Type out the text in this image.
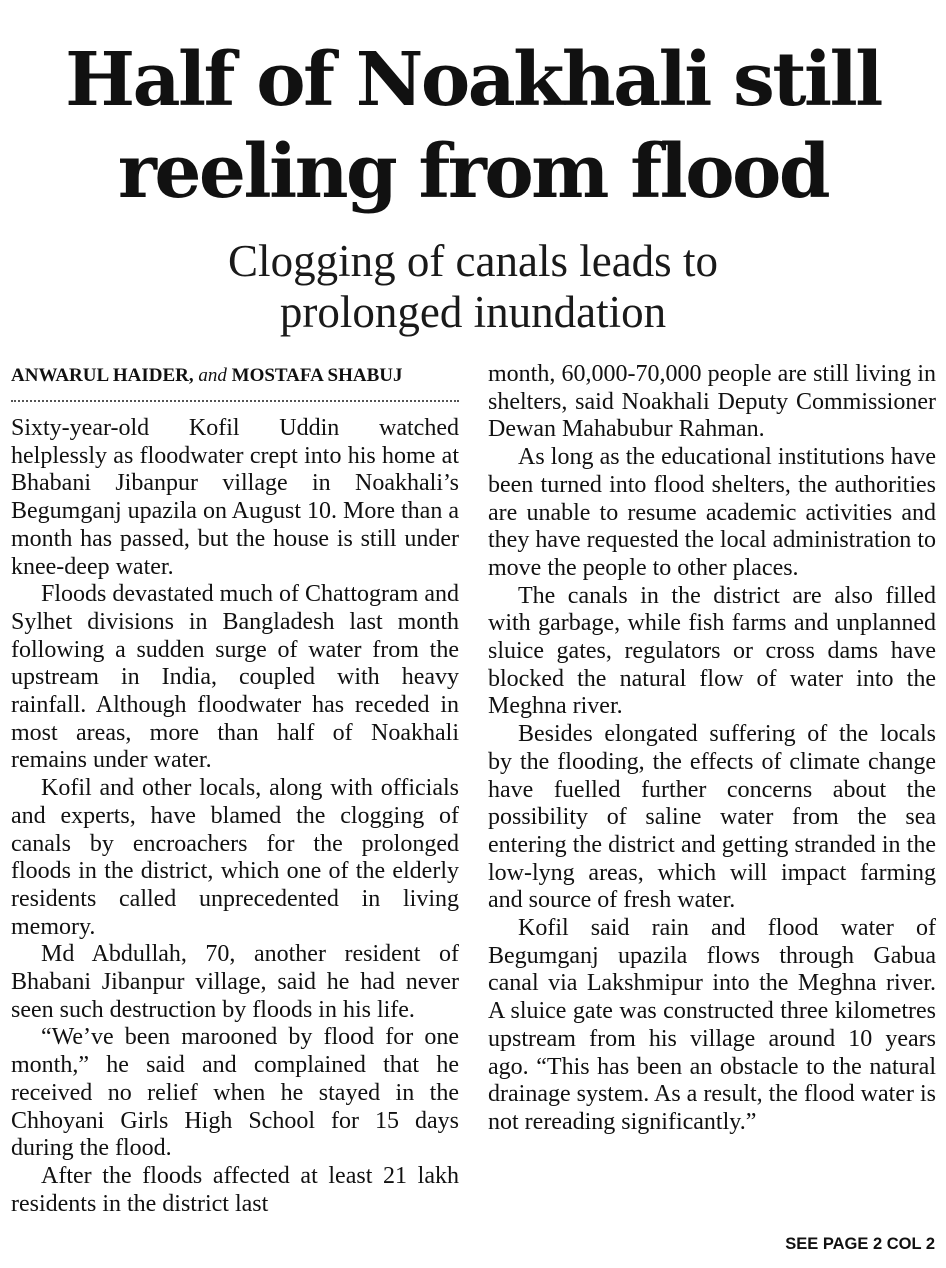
Half of Noakhali still
reeling from flood
Clogging of canals leads to
prolonged inundation
ANWARUL HAIDER, and MOSTAFA SHABUJ

Sixty-year-old Kofil Uddin watched helplessly as floodwater crept into his home at Bhabani Jibanpur village in Noakhali’s Begumganj upazila on August 10. More than a month has passed, but the house is still under knee-deep water.

Floods devastated much of Chattogram and Sylhet divisions in Bangladesh last month following a sudden surge of water from the upstream in India, coupled with heavy rainfall. Although floodwater has receded in most areas, more than half of Noakhali remains under water.

Kofil and other locals, along with officials and experts, have blamed the clogging of canals by encroachers for the prolonged floods in the district, which one of the elderly residents called unprecedented in living memory.

Md Abdullah, 70, another resident of Bhabani Jibanpur village, said he had never seen such destruction by floods in his life.

“We’ve been marooned by flood for one month,” he said and complained that he received no relief when he stayed in the Chhoyani Girls High School for 15 days during the flood.

After the floods affected at least 21 lakh residents in the district last

month, 60,000-70,000 people are still living in shelters, said Noakhali Deputy Commissioner Dewan Mahabubur Rahman.

As long as the educational institutions have been turned into flood shelters, the authorities are unable to resume academic activities and they have requested the local administration to move the people to other places.

The canals in the district are also filled with garbage, while fish farms and unplanned sluice gates, regulators or cross dams have blocked the natural flow of water into the Meghna river.

Besides elongated suffering of the locals by the flooding, the effects of climate change have fuelled further concerns about the possibility of saline water from the sea entering the district and getting stranded in the low-lyng areas, which will impact farming and source of fresh water.

Kofil said rain and flood water of Begumganj upazila flows through Gabua canal via Lakshmipur into the Meghna river. A sluice gate was constructed three kilometres upstream from his village around 10 years ago. “This has been an obstacle to the natural drainage system. As a result, the flood water is not rereading significantly.”

SEE PAGE 2 COL 2
